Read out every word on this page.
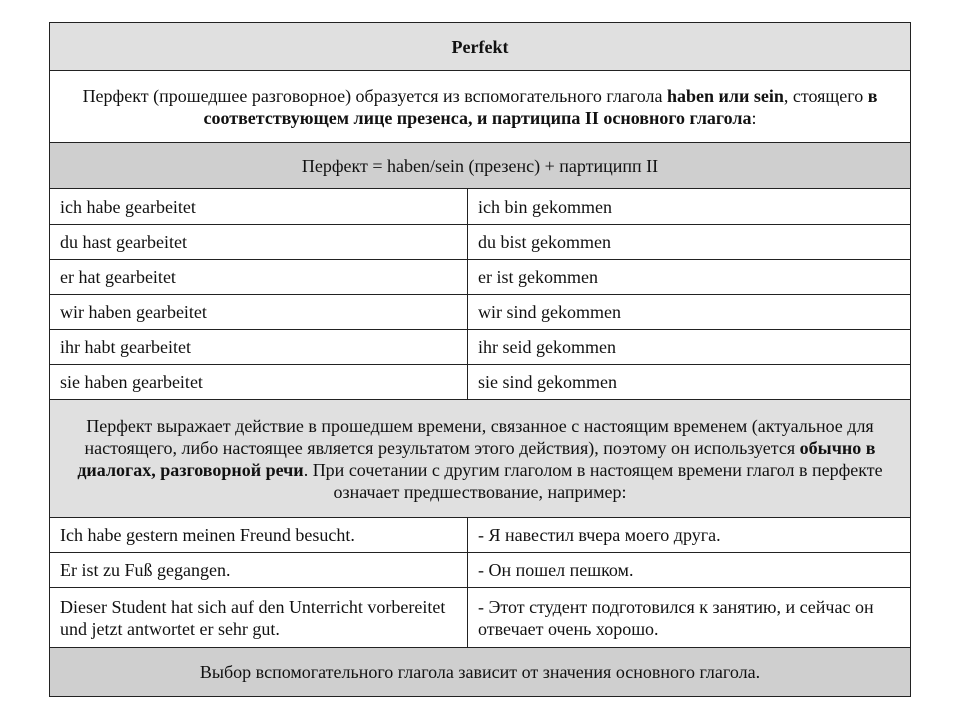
Perfekt	
Перфект (прошедшее разговорное) образуется из вспомогательного глагола haben или sein, стоящего в соответствующем лице презенса, и партиципа II основного глагола:	
Перфект = haben/sein (презенс) + партиципп II	
ich habe gearbeitet	ich bin gekommen
du hast gearbeitet	du bist gekommen
er hat gearbeitet	er ist gekommen
wir haben gearbeitet	wir sind gekommen
ihr habt gearbeitet	ihr seid gekommen
sie haben gearbeitet	sie sind gekommen
Перфект выражает действие в прошедшем времени, связанное с настоящим временем (актуальное для настоящего, либо настоящее является результатом этого действия), поэтому он используется обычно в диалогах, разговорной речи. При сочетании с другим глаголом в настоящем времени глагол в перфекте означает предшествование, например:	
Ich habe gestern meinen Freund besucht.	- Я навестил вчера моего друга.
Er ist zu Fuß gegangen.	- Он пошел пешком.
Dieser Student hat sich auf den Unterricht vorbereitet und jetzt antwortet er sehr gut.	- Этот студент подготовился к занятию, и сейчас он отвечает очень хорошо.
Выбор вспомогательного глагола зависит от значения основного глагола.	
